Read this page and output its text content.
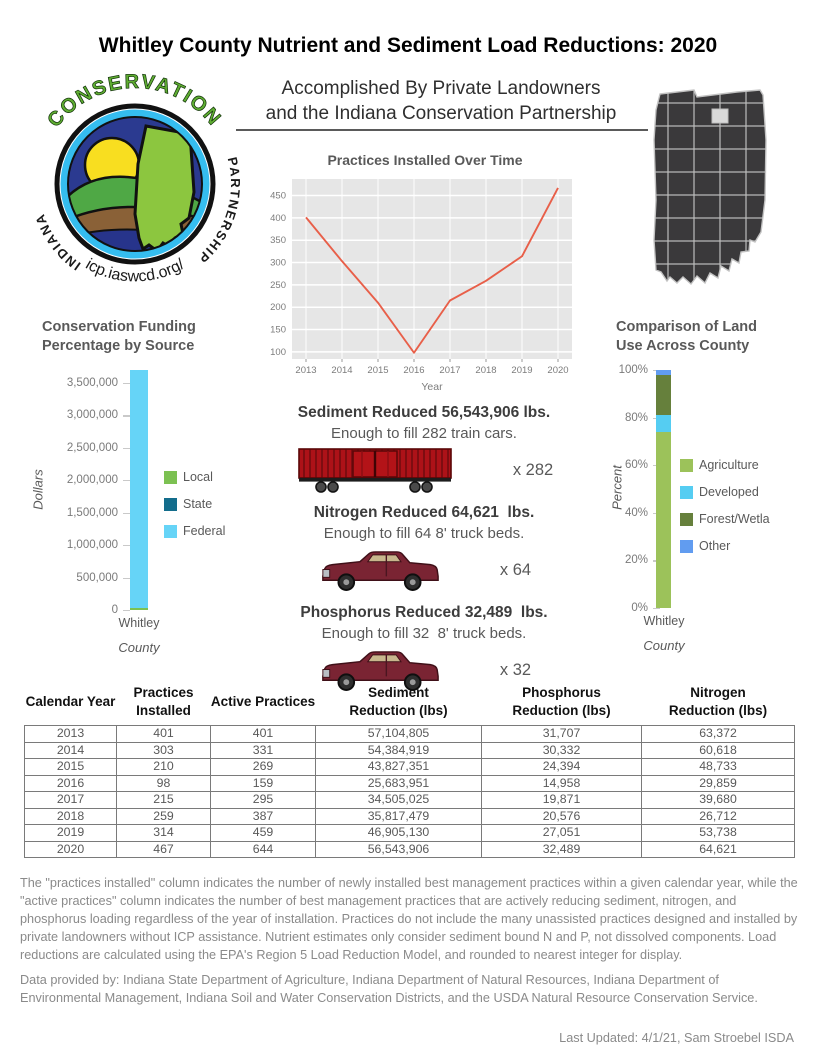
Whitley County Nutrient and Sediment Load Reductions: 2020
CONSERVATION
INDIANA
PARTNERSHIP
icp.iaswcd.org/
Accomplished By Private Landowners
and the Indiana Conservation Partnership
Practices Installed Over Time
100
150
200
250
300
350
400
450
2013 2014 2015 2016 2017 2018 2019 2020
Year
Conservation Funding Percentage by Source
Dollars
0
500,000
1,000,000
1,500,000
2,000,000
2,500,000
3,000,000
3,500,000
Local
State
Federal
Whitley
County
Comparison of Land Use Across County
Percent
0%
20%
40%
60%
80%
100%
Agriculture
Developed
Forest/Wetla
Other
Whitley
County
Sediment Reduced 56,543,906 lbs.
Enough to fill 282 train cars.
x 282
Nitrogen Reduced 64,621  lbs.
Enough to fill 64 8' truck beds.
x 64
Phosphorus Reduced 32,489  lbs.
Enough to fill 32  8' truck beds.
x 32
Calendar Year	Practices Installed	Active Practices	Sediment Reduction (lbs)	Phosphorus Reduction (lbs)	Nitrogen Reduction (lbs)
2013	401	401	57,104,805	31,707	63,372
2014	303	331	54,384,919	30,332	60,618
2015	210	269	43,827,351	24,394	48,733
2016	98	159	25,683,951	14,958	29,859
2017	215	295	34,505,025	19,871	39,680
2018	259	387	35,817,479	20,576	26,712
2019	314	459	46,905,130	27,051	53,738
2020	467	644	56,543,906	32,489	64,621

The "practices installed" column indicates the number of newly installed best management practices within a given calendar year, while the "active practices" column indicates the number of best management practices that are actively reducing sediment, nitrogen, and phosphorus loading regardless of the year of installation. Practices do not include the many unassisted practices designed and installed by private landowners without ICP assistance. Nutrient estimates only consider sediment bound N and P, not dissolved components. Load reductions are calculated using the EPA's Region 5 Load Reduction Model, and rounded to nearest integer for display.

Data provided by: Indiana State Department of Agriculture, Indiana Department of Natural Resources, Indiana Department of Environmental Management, Indiana Soil and Water Conservation Districts, and the USDA Natural Resource Conservation Service.

Last Updated: 4/1/21, Sam Stroebel ISDA
